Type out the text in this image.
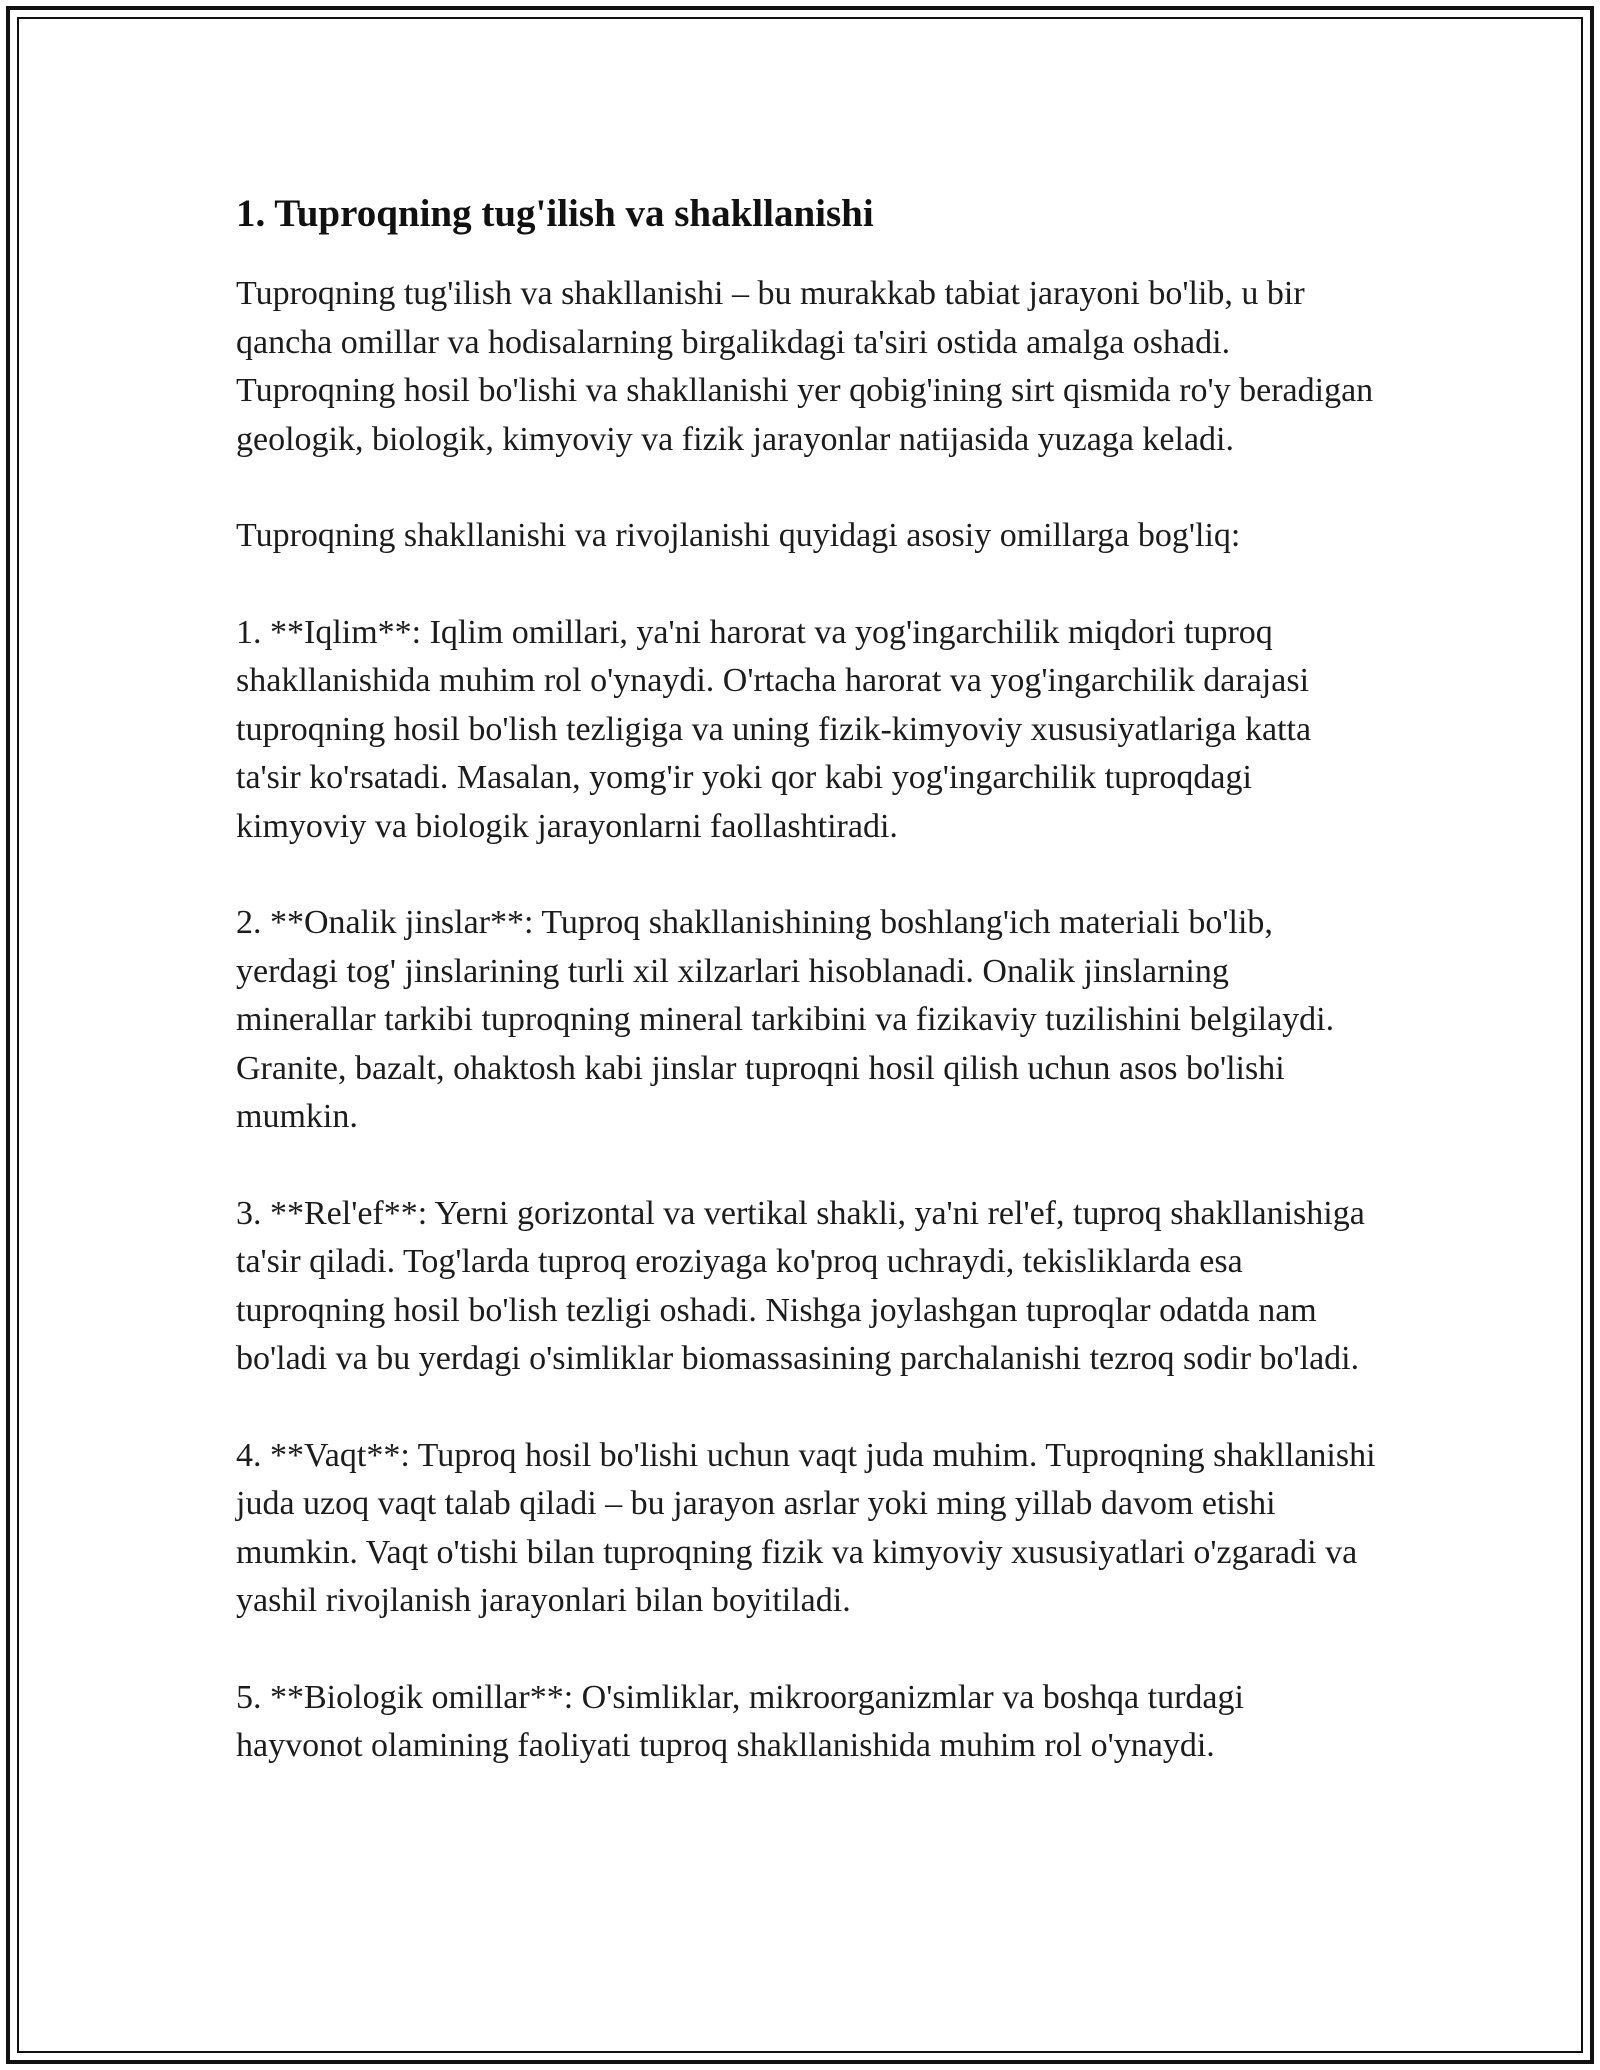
1. Tuproqning tug'ilish va shakllanishi

Tuproqning tug'ilish va shakllanishi – bu murakkab tabiat jarayoni bo'lib, u bir qancha omillar va hodisalarning birgalikdagi ta'siri ostida amalga oshadi. Tuproqning hosil bo'lishi va shakllanishi yer qobig'ining sirt qismida ro'y beradigan geologik, biologik, kimyoviy va fizik jarayonlar natijasida yuzaga keladi.

Tuproqning shakllanishi va rivojlanishi quyidagi asosiy omillarga bog'liq:

1. **Iqlim**: Iqlim omillari, ya'ni harorat va yog'ingarchilik miqdori tuproq shakllanishida muhim rol o'ynaydi. O'rtacha harorat va yog'ingarchilik darajasi tuproqning hosil bo'lish tezligiga va uning fizik-kimyoviy xususiyatlariga katta ta'sir ko'rsatadi. Masalan, yomg'ir yoki qor kabi yog'ingarchilik tuproqdagi kimyoviy va biologik jarayonlarni faollashtiradi.

2. **Onalik jinslar**: Tuproq shakllanishining boshlang'ich materiali bo'lib, yerdagi tog' jinslarining turli xil xilzarlari hisoblanadi. Onalik jinslarning minerallar tarkibi tuproqning mineral tarkibini va fizikaviy tuzilishini belgilaydi. Granite, bazalt, ohaktosh kabi jinslar tuproqni hosil qilish uchun asos bo'lishi mumkin.

3. **Rel'ef**: Yerni gorizontal va vertikal shakli, ya'ni rel'ef, tuproq shakllanishiga ta'sir qiladi. Tog'larda tuproq eroziyaga ko'proq uchraydi, tekisliklarda esa tuproqning hosil bo'lish tezligi oshadi. Nishga joylashgan tuproqlar odatda nam bo'ladi va bu yerdagi o'simliklar biomassasining parchalanishi tezroq sodir bo'ladi.

4. **Vaqt**: Tuproq hosil bo'lishi uchun vaqt juda muhim. Tuproqning shakllanishi juda uzoq vaqt talab qiladi – bu jarayon asrlar yoki ming yillab davom etishi mumkin. Vaqt o'tishi bilan tuproqning fizik va kimyoviy xususiyatlari o'zgaradi va yashil rivojlanish jarayonlari bilan boyitiladi.

5. **Biologik omillar**: O'simliklar, mikroorganizmlar va boshqa turdagi hayvonot olamining faoliyati tuproq shakllanishida muhim rol o'ynaydi.
